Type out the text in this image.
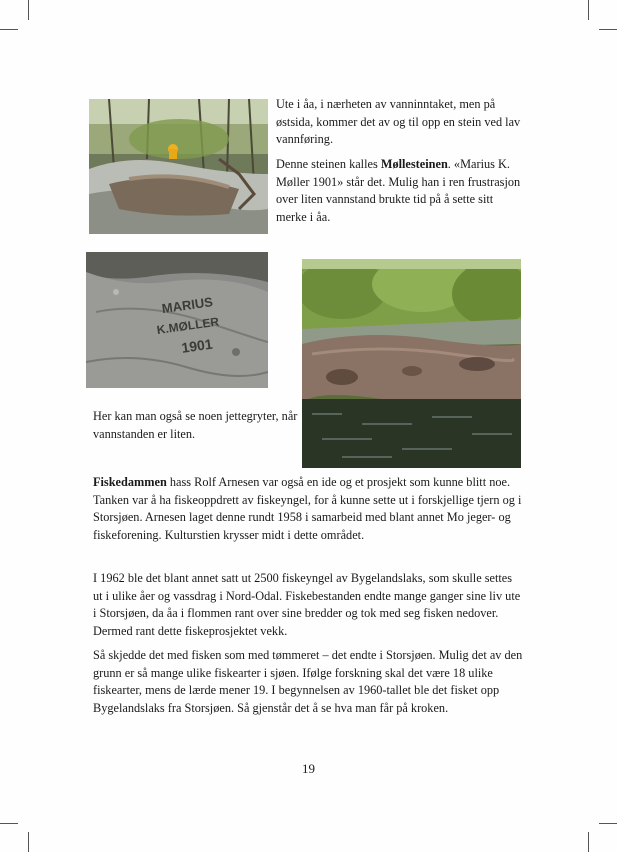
Ute i åa, i nærheten av vanninntaket, men på østsida, kommer det av og til opp en stein ved lav vannføring.

Denne steinen kalles Møllesteinen. «Marius K. Møller 1901» står det. Mulig han i ren frustrasjon over liten vannstand brukte tid på å sette sitt merke i åa.

MARIUS
K.MØLLER
1901

Her kan man også se noen jettegryter, når vannstanden er liten.

Fiskedammen hass Rolf Arnesen var også en ide og et prosjekt som kunne blitt noe. Tanken var å ha fiskeoppdrett av fiskeyngel, for å kunne sette ut i forskjellige tjern og i Storsjøen. Arnesen laget denne rundt 1958 i samarbeid med blant annet Mo jeger- og fiskeforening. Kulturstien krysser midt i dette området.

I 1962 ble det blant annet satt ut 2500 fiskeyngel av Bygelandslaks, som skulle settes ut i ulike åer og vassdrag i Nord-Odal. Fiskebestanden endte mange ganger sine liv ute i Storsjøen, da åa i flommen rant over sine bredder og tok med seg fisken nedover. Dermed rant dette fiskeprosjektet vekk.

Så skjedde det med fisken som med tømmeret – det endte i Storsjøen. Mulig det av den grunn er så mange ulike fiskearter i sjøen. Ifølge forskning skal det være 18 ulike fiskearter, mens de lærde mener 19. I begynnelsen av 1960-tallet ble det fisket opp Bygelandslaks fra Storsjøen. Så gjenstår det å se hva man får på kroken.

19
